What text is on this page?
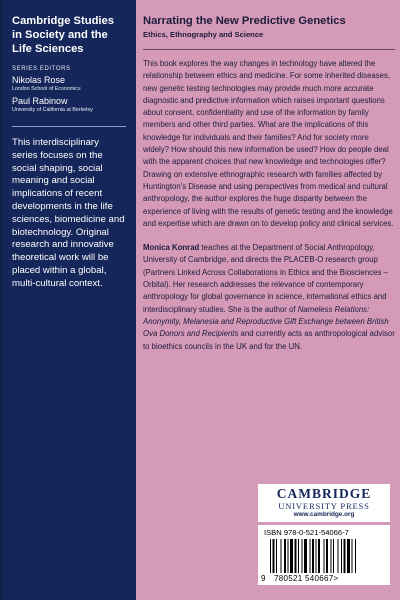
Cambridge Studies in Society and the Life Sciences
SERIES EDITORS
Nikolas Rose
London School of Economics
Paul Rabinow
University of California at Berkeley
This interdisciplinary series focuses on the social shaping, social meaning and social implications of recent developments in the life sciences, biomedicine and biotechnology. Original research and innovative theoretical work will be placed within a global, multi-cultural context.
Narrating the New Predictive Genetics
Ethics, Ethnography and Science

This book explores the way changes in technology have altered the relationship between ethics and medicine. For some inherited diseases, new genetic testing technologies may provide much more accurate diagnostic and predictive information which raises important questions about consent, confidentiality and use of the information by family members and other third parties. What are the implications of this knowledge for individuals and their families? And for society more widely? How should this new information be used? How do people deal with the apparent choices that new knowledge and technologies offer? Drawing on extensive ethnographic research with families affected by Huntington's Disease and using perspectives from medical and cultural anthropology, the author explores the huge disparity between the experience of living with the results of genetic testing and the knowledge and expertise which are drawn on to develop policy and clinical services.

Monica Konrad teaches at the Department of Social Anthropology, University of Cambridge, and directs the PLACEB-O research group (Partners Linked Across Collaborations in Ethics and the Biosciences – Orbital). Her research addresses the relevance of contemporary anthropology for global governance in science, international ethics and interdisciplinary studies. She is the author of Nameless Relations: Anonymity, Melanesia and Reproductive Gift Exchange between British Ova Donors and Recipients and currently acts as anthropological advisor to bioethics councils in the UK and for the UN.

CAMBRIDGE
UNIVERSITY PRESS
www.cambridge.org
ISBN 978-0-521-54066-7
9 780521 540667>
